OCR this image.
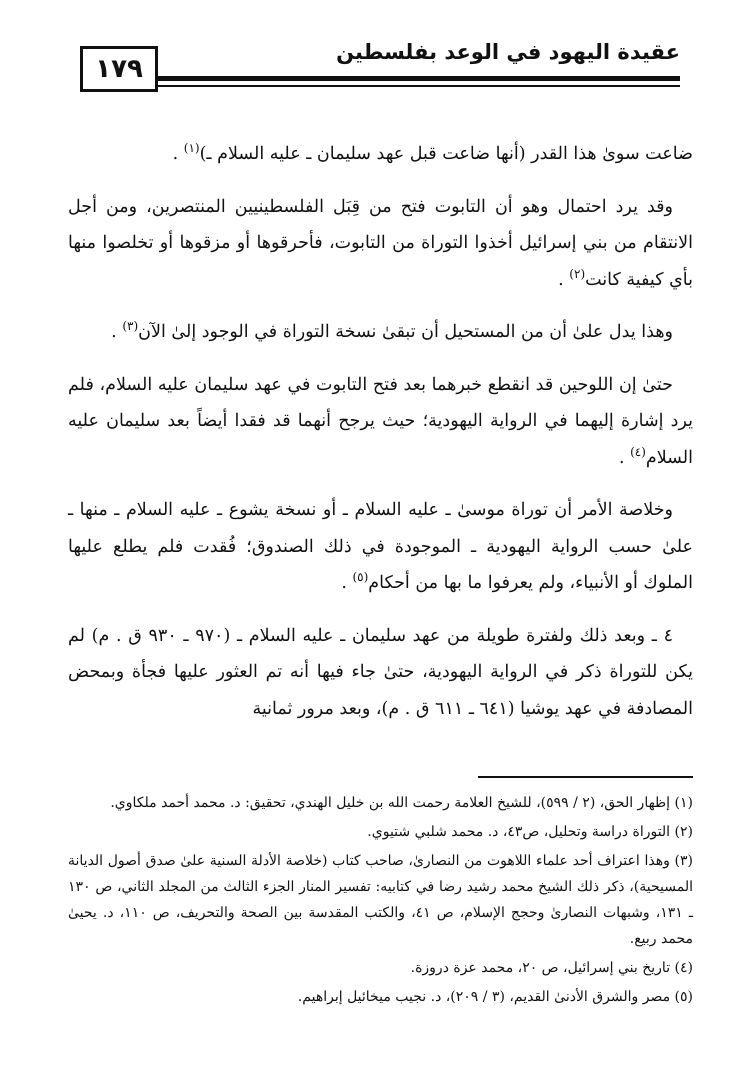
عقيدة اليهود في الوعد بفلسطين
١٧٩

ضاعت سوىٰ هذا القدر (أنها ضاعت قبل عهد سليمان ـ عليه السلام ـ)$^{(١)}$ .

وقد يرد احتمال وهو أن التابوت فتح من قِبَل الفلسطينيين المنتصرين، ومن أجل الانتقام من بني إسرائيل أخذوا التوراة من التابوت، فأحرقوها أو مزقوها أو تخلصوا منها بأي كيفية كانت$^{(٢)}$ .

وهذا يدل علىٰ أن من المستحيل أن تبقىٰ نسخة التوراة في الوجود إلىٰ الآن$^{(٣)}$ .

حتىٰ إن اللوحين قد انقطع خبرهما بعد فتح التابوت في عهد سليمان عليه السلام، فلم يرد إشارة إليهما في الرواية اليهودية؛ حيث يرجح أنهما قد فقدا أيضاً بعد سليمان عليه السلام$^{(٤)}$ .

وخلاصة الأمر أن توراة موسىٰ ـ عليه السلام ـ أو نسخة يشوع ـ عليه السلام ـ منها ـ علىٰ حسب الرواية اليهودية ـ الموجودة في ذلك الصندوق؛ فُقدت فلم يطلع عليها الملوك أو الأنبياء، ولم يعرفوا ما بها من أحكام$^{(٥)}$ .

٤ ـ وبعد ذلك ولفترة طويلة من عهد سليمان ـ عليه السلام ـ (٩٧٠ ـ ٩٣٠ ق . م) لم يكن للتوراة ذكر في الرواية اليهودية، حتىٰ جاء فيها أنه تم العثور عليها فجأة وبمحض المصادفة في عهد يوشيا (٦٤١ ـ ٦١١ ق . م)، وبعد مرور ثمانية

(١) إظهار الحق، (٢ / ٥٩٩)، للشيخ العلامة رحمت الله بن خليل الهندي، تحقيق: د. محمد أحمد ملكاوي.

(٢) التوراة دراسة وتحليل، ص٤٣، د. محمد شلبي شتيوي.

(٣) وهذا اعتراف أحد علماء اللاهوت من النصارىٰ، صاحب كتاب (خلاصة الأدلة السنية علىٰ صدق أصول الديانة المسيحية)، ذكر ذلك الشيخ محمد رشيد رضا في كتابيه: تفسير المنار الجزء الثالث من المجلد الثاني، ص ١٣٠ ـ ١٣١، وشبهات النصارىٰ وحجج الإسلام، ص ٤١، والكتب المقدسة بين الصحة والتحريف، ص ١١٠، د. يحيىٰ محمد ربيع.

(٤) تاريخ بني إسرائيل، ص ٢٠، محمد عزة دروزة.

(٥) مصر والشرق الأدنىٰ القديم، (٣ / ٢٠٩)، د. نجيب ميخائيل إبراهيم.
